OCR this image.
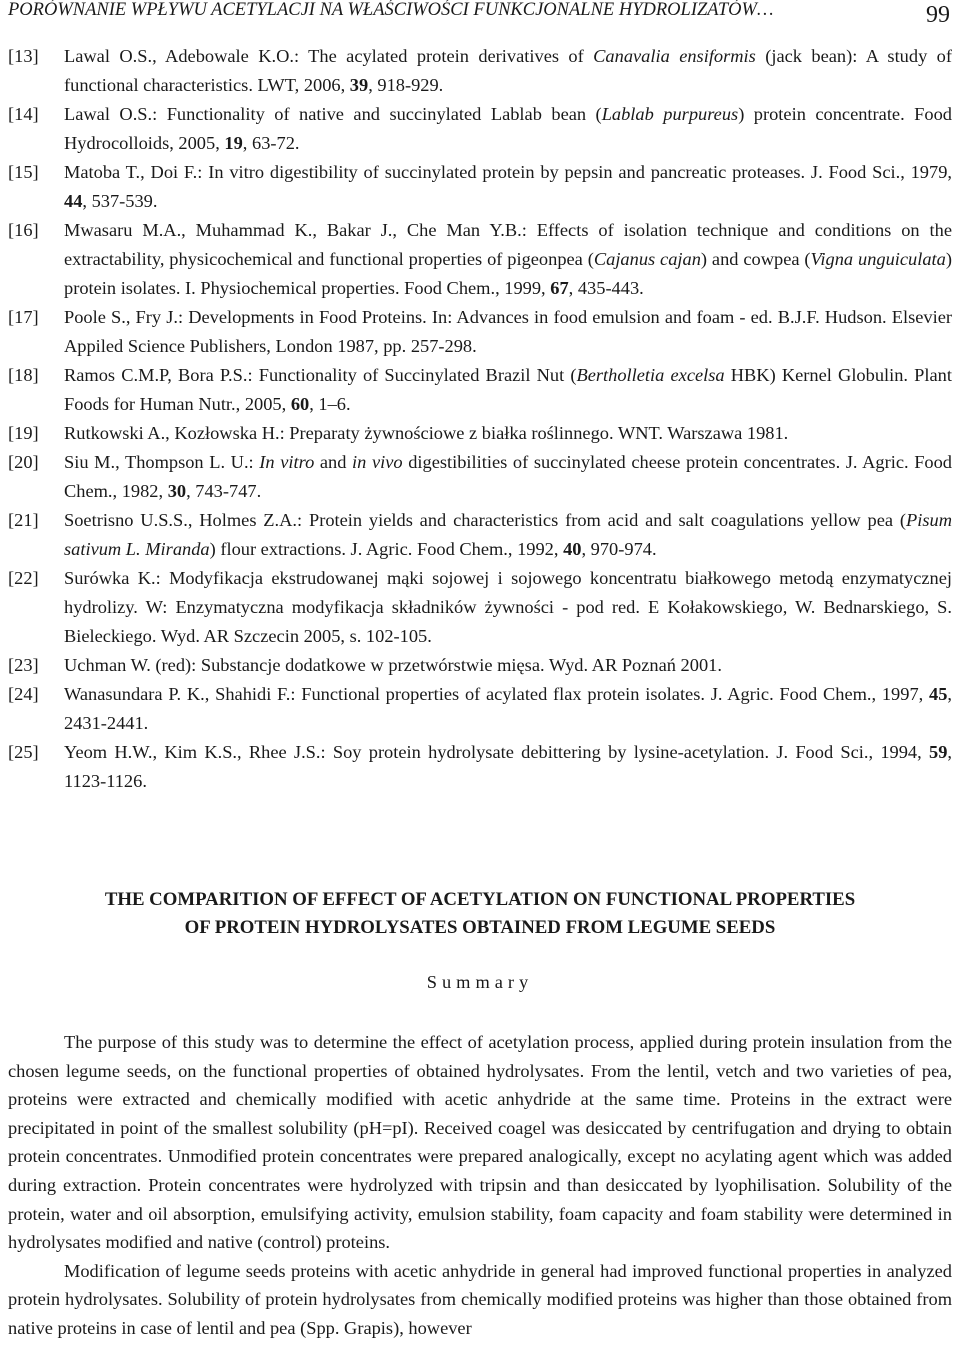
PORÓWNANIE WPŁYWU ACETYLACJI NA WŁAŚCIWOŚCI FUNKCJONALNE HYDROLIZATÓW…	99
[13]	Lawal O.S., Adebowale K.O.: The acylated protein derivatives of Canavalia ensiformis (jack bean): A study of functional characteristics. LWT, 2006, 39, 918-929.
[14]	Lawal O.S.: Functionality of native and succinylated Lablab bean (Lablab purpureus) protein concentrate. Food Hydrocolloids, 2005, 19, 63-72.
[15]	Matoba T., Doi F.: In vitro digestibility of succinylated protein by pepsin and pancreatic proteases. J. Food Sci., 1979, 44, 537-539.
[16]	Mwasaru M.A., Muhammad K., Bakar J., Che Man Y.B.: Effects of isolation technique and conditions on the extractability, physicochemical and functional properties of pigeonpea (Cajanus cajan) and cowpea (Vigna unguiculata) protein isolates. I. Physiochemical properties. Food Chem., 1999, 67, 435-443.
[17]	Poole S., Fry J.: Developments in Food Proteins. In: Advances in food emulsion and foam - ed. B.J.F. Hudson. Elsevier Appiled Science Publishers, London 1987, pp. 257-298.
[18]	Ramos C.M.P, Bora P.S.: Functionality of Succinylated Brazil Nut (Bertholletia excelsa HBK) Kernel Globulin. Plant Foods for Human Nutr., 2005, 60, 1–6.
[19]	Rutkowski A., Kozłowska H.: Preparaty żywnościowe z białka roślinnego. WNT. Warszawa 1981.
[20]	Siu M., Thompson L. U.: In vitro and in vivo digestibilities of succinylated cheese protein concentrates. J. Agric. Food Chem., 1982, 30, 743-747.
[21]	Soetrisno U.S.S., Holmes Z.A.: Protein yields and characteristics from acid and salt coagulations yellow pea (Pisum sativum L. Miranda) flour extractions. J. Agric. Food Chem., 1992, 40, 970-974.
[22]	Surówka K.: Modyfikacja ekstrudowanej mąki sojowej i sojowego koncentratu białkowego metodą enzymatycznej hydrolizy. W: Enzymatyczna modyfikacja składników żywności - pod red. E Kołakowskiego, W. Bednarskiego, S. Bieleckiego. Wyd. AR Szczecin 2005, s. 102-105.
[23]	Uchman W. (red): Substancje dodatkowe w przetwórstwie mięsa. Wyd. AR Poznań 2001.
[24]	Wanasundara P. K., Shahidi F.: Functional properties of acylated flax protein isolates. J. Agric. Food Chem., 1997, 45, 2431-2441.
[25]	Yeom H.W., Kim K.S., Rhee J.S.: Soy protein hydrolysate debittering by lysine-acetylation. J. Food Sci., 1994, 59, 1123-1126.
THE COMPARITION OF EFFECT OF ACETYLATION ON FUNCTIONAL PROPERTIES
OF PROTEIN HYDROLYSATES OBTAINED FROM LEGUME SEEDS
Summary

The purpose of this study was to determine the effect of acetylation process, applied during protein insulation from the chosen legume seeds, on the functional properties of obtained hydrolysates. From the lentil, vetch and two varieties of pea, proteins were extracted and chemically modified with acetic anhydride at the same time. Proteins in the extract were precipitated in point of the smallest solubility (pH=pI). Received coagel was desiccated by centrifugation and drying to obtain protein concentrates. Unmodified protein concentrates were prepared analogically, except no acylating agent which was added during extraction. Protein concentrates were hydrolyzed with tripsin and than desiccated by lyophilisation. Solubility of the protein, water and oil absorption, emulsifying activity, emulsion stability, foam capacity and foam stability were determined in hydrolysates modified and native (control) proteins.

Modification of legume seeds proteins with acetic anhydride in general had improved functional properties in analyzed protein hydrolysates. Solubility of protein hydrolysates from chemically modified proteins was higher than those obtained from native proteins in case of lentil and pea (Spp. Grapis), however
